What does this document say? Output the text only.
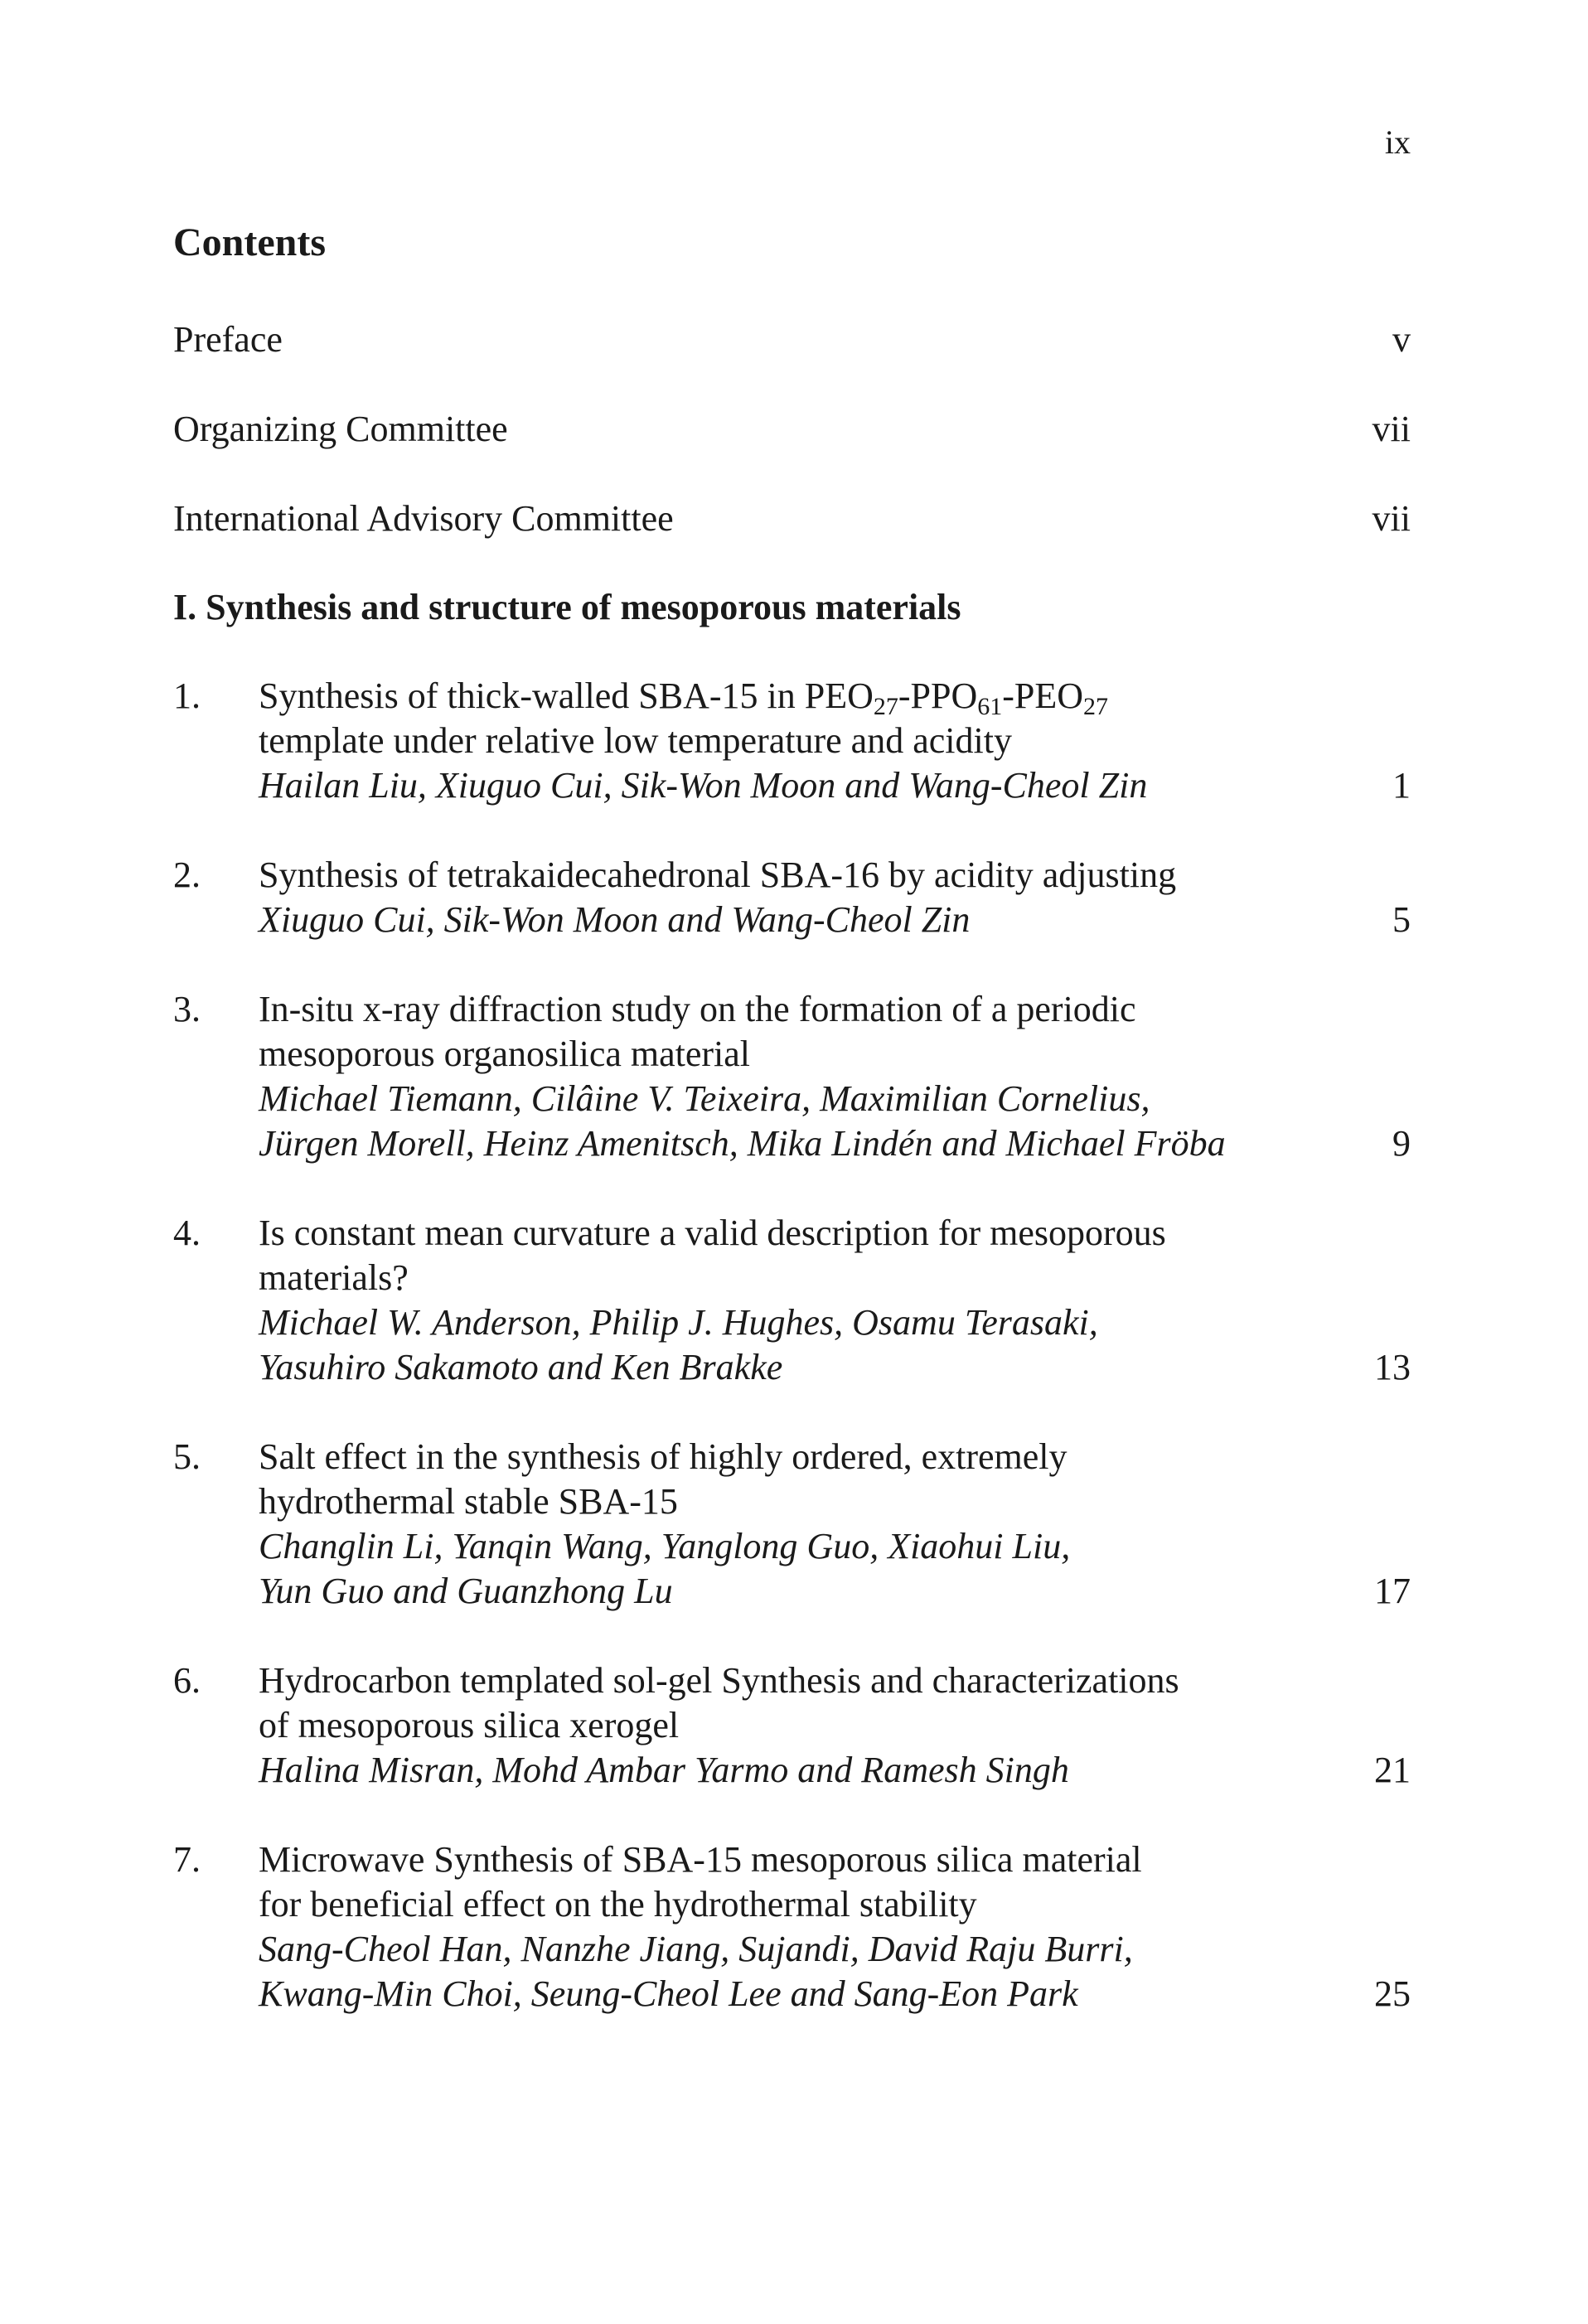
ix
Contents
Preface	v
Organizing Committee	vii
International Advisory Committee	vii
I. Synthesis and structure of mesoporous materials
1. Synthesis of thick-walled SBA-15 in $PEO_{27}-PPO_{61}-PEO_{27}$
template under relative low temperature and acidity
Hailan Liu, Xiuguo Cui, Sik-Won Moon and Wang-Cheol Zin	1
2. Synthesis of tetrakaidecahedronal SBA-16 by acidity adjusting
Xiuguo Cui, Sik-Won Moon and Wang-Cheol Zin	5
3. In-situ x-ray diffraction study on the formation of a periodic
mesoporous organosilica material
Michael Tiemann, Cilâine V. Teixeira, Maximilian Cornelius,
Jürgen Morell, Heinz Amenitsch, Mika Lindén and Michael Fröba	9
4. Is constant mean curvature a valid description for mesoporous
materials?
Michael W. Anderson, Philip J. Hughes, Osamu Terasaki,
Yasuhiro Sakamoto and Ken Brakke	13
5. Salt effect in the synthesis of highly ordered, extremely
hydrothermal stable SBA-15
Changlin Li, Yanqin Wang, Yanglong Guo, Xiaohui Liu,
Yun Guo and Guanzhong Lu	17
6. Hydrocarbon templated sol-gel Synthesis and characterizations
of mesoporous silica xerogel
Halina Misran, Mohd Ambar Yarmo and Ramesh Singh	21
7. Microwave Synthesis of SBA-15 mesoporous silica material
for beneficial effect on the hydrothermal stability
Sang-Cheol Han, Nanzhe Jiang, Sujandi, David Raju Burri,
Kwang-Min Choi, Seung-Cheol Lee and Sang-Eon Park	25
